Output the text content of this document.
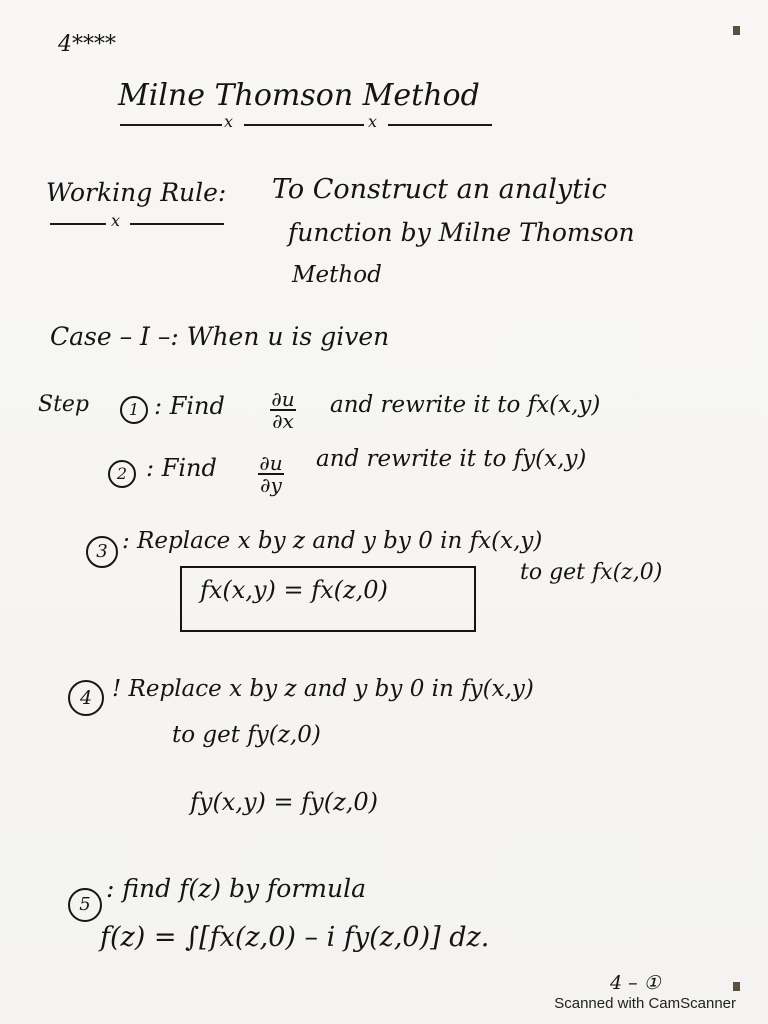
4****
Milne Thomson Method
x	x
Working Rule:
x
To Construct an analytic
function by Milne Thomson
Method
Case – I –: When u is given
Step	1 : Find ∂u
∂x
and rewrite it to fx(x,y)
2 : Find ∂u
∂y
and rewrite it to fy(x,y)
3 : Replace x by z and y by 0 in fx(x,y)
to get fx(z,0)
fx(x,y) = fx(z,0)
4 ! Replace x by z and y by 0 in fy(x,y)
to get fy(z,0)
fy(x,y) = fy(z,0)
5
: find f(z) by formula
f(z) = ∫[fx(z,0) – i fy(z,0)] dz.
4 – ①
Scanned with CamScanner
